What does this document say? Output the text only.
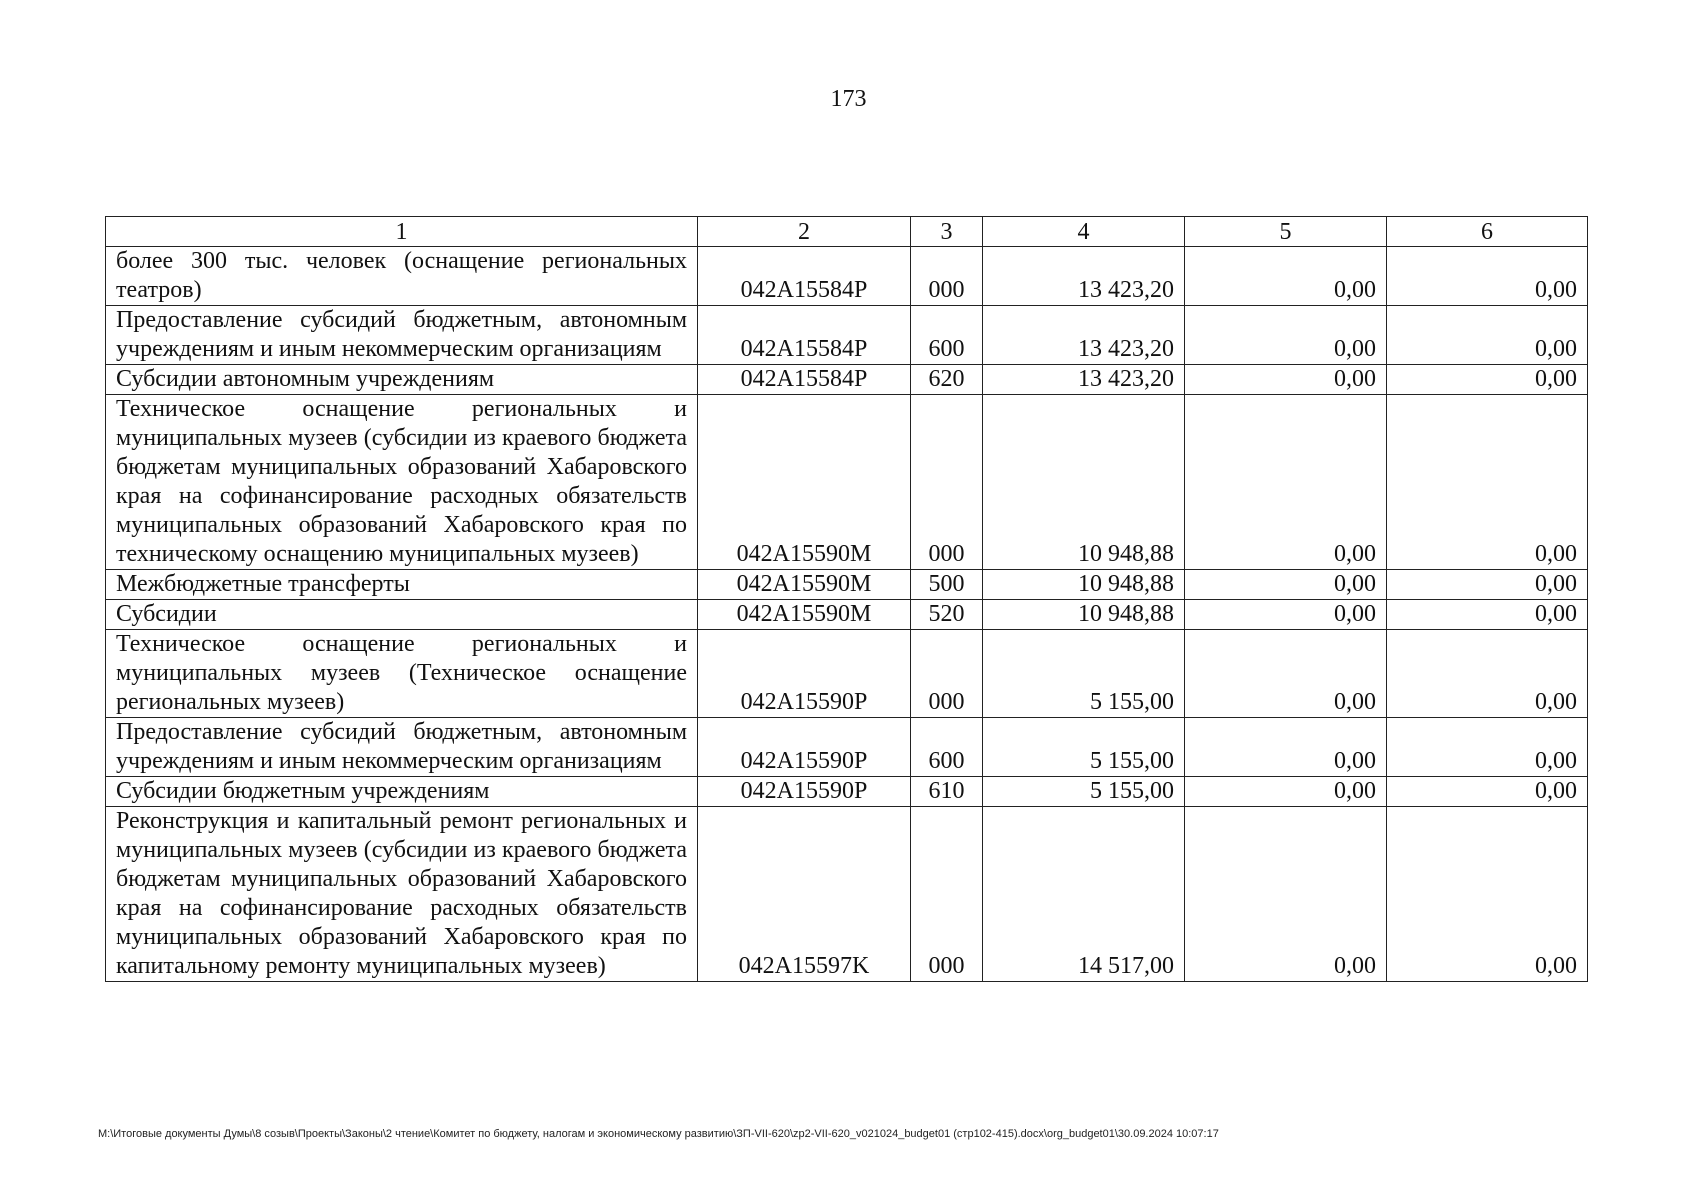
173
1	2	3	4	5	6
более 300 тыс. человек (оснащение региональных театров)	042A15584P	000	13 423,20	0,00	0,00
Предоставление субсидий бюджетным, автономным учреждениям и иным некоммерческим организациям	042A15584P	600	13 423,20	0,00	0,00
Субсидии автономным учреждениям	042A15584P	620	13 423,20	0,00	0,00
Техническое оснащение региональных и муниципальных музеев (субсидии из краевого бюджета бюджетам муниципальных образований Хабаровского края на софинансирование расходных обязательств муниципальных образований Хабаровского края по техническому оснащению муниципальных музеев)	042A15590M	000	10 948,88	0,00	0,00
Межбюджетные трансферты	042A15590M	500	10 948,88	0,00	0,00
Субсидии	042A15590M	520	10 948,88	0,00	0,00
Техническое оснащение региональных и муниципальных музеев (Техническое оснащение региональных музеев)	042A15590P	000	5 155,00	0,00	0,00
Предоставление субсидий бюджетным, автономным учреждениям и иным некоммерческим организациям	042A15590P	600	5 155,00	0,00	0,00
Субсидии бюджетным учреждениям	042A15590P	610	5 155,00	0,00	0,00
Реконструкция и капитальный ремонт региональных и муниципальных музеев (субсидии из краевого бюджета бюджетам муниципальных образований Хабаровского края на софинансирование расходных обязательств муниципальных образований Хабаровского края по капитальному ремонту муниципальных музеев)	042A15597K	000	14 517,00	0,00	0,00
M:\Итоговые документы Думы\8 созыв\Проекты\Законы\2 чтение\Комитет по бюджету, налогам и экономическому развитию\ЗП-VII-620\zp2-VII-620_v021024_budget01 (стр102-415).docx\org_budget01\30.09.2024 10:07:17
